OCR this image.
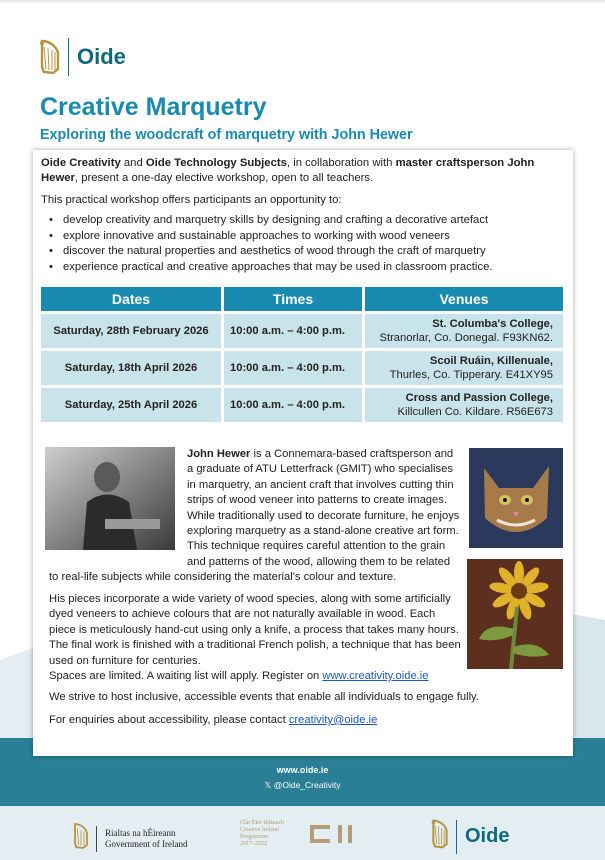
Oide
Creative Marquetry
Exploring the woodcraft of marquetry with John Hewer
www.oide.ie
𝕏 @Oide_Creativity

Oide Creativity and Oide Technology Subjects, in collaboration with master craftsperson John Hewer, present a one-day elective workshop, open to all teachers.

This practical workshop offers participants an opportunity to:

• develop creativity and marquetry skills by designing and crafting a decorative artefact
• explore innovative and sustainable approaches to working with wood veneers
• discover the natural properties and aesthetics of wood through the craft of marquetry
• experience practical and creative approaches that may be used in classroom practice.
Dates	Times	Venues
Saturday, 28th February 2026	10:00 a.m. – 4:00 p.m.	St. Columba's College,
Stranorlar, Co. Donegal. F93KN62.
Saturday, 18th April 2026	10:00 a.m. – 4:00 p.m.	Scoil Ruáin, Killenuale,
Thurles, Co. Tipperary. E41XY95
Saturday, 25th April 2026	10:00 a.m. – 4:00 p.m.	Cross and Passion College,
Killcullen Co. Kildare. R56E673

John Hewer is a Connemara-based craftsperson and a graduate of ATU Letterfrack (GMIT) who specialises in marquetry, an ancient craft that involves cutting thin strips of wood veneer into patterns to create images. While traditionally used to decorate furniture, he enjoys exploring marquetry as a stand-alone creative art form. This technique requires careful attention to the grain and patterns of the wood, allowing them to be related to real-life subjects while considering the material's colour and texture.

His pieces incorporate a wide variety of wood species, along with some artificially dyed veneers to achieve colours that are not naturally available in wood. Each piece is meticulously hand-cut using only a knife, a process that takes many hours. The final work is finished with a traditional French polish, a technique that has been used on furniture for centuries.

Spaces are limited. A waiting list will apply. Register on www.creativity.oide.ie

We strive to host inclusive, accessible events that enable all individuals to engage fully.

For enquiries about accessibility, please contact creativity@oide.ie

Rialtas na hÉireann
Government of Ireland
Clár Éire Ildánach
Creative Ireland
Programme
2017–2022	Oide
